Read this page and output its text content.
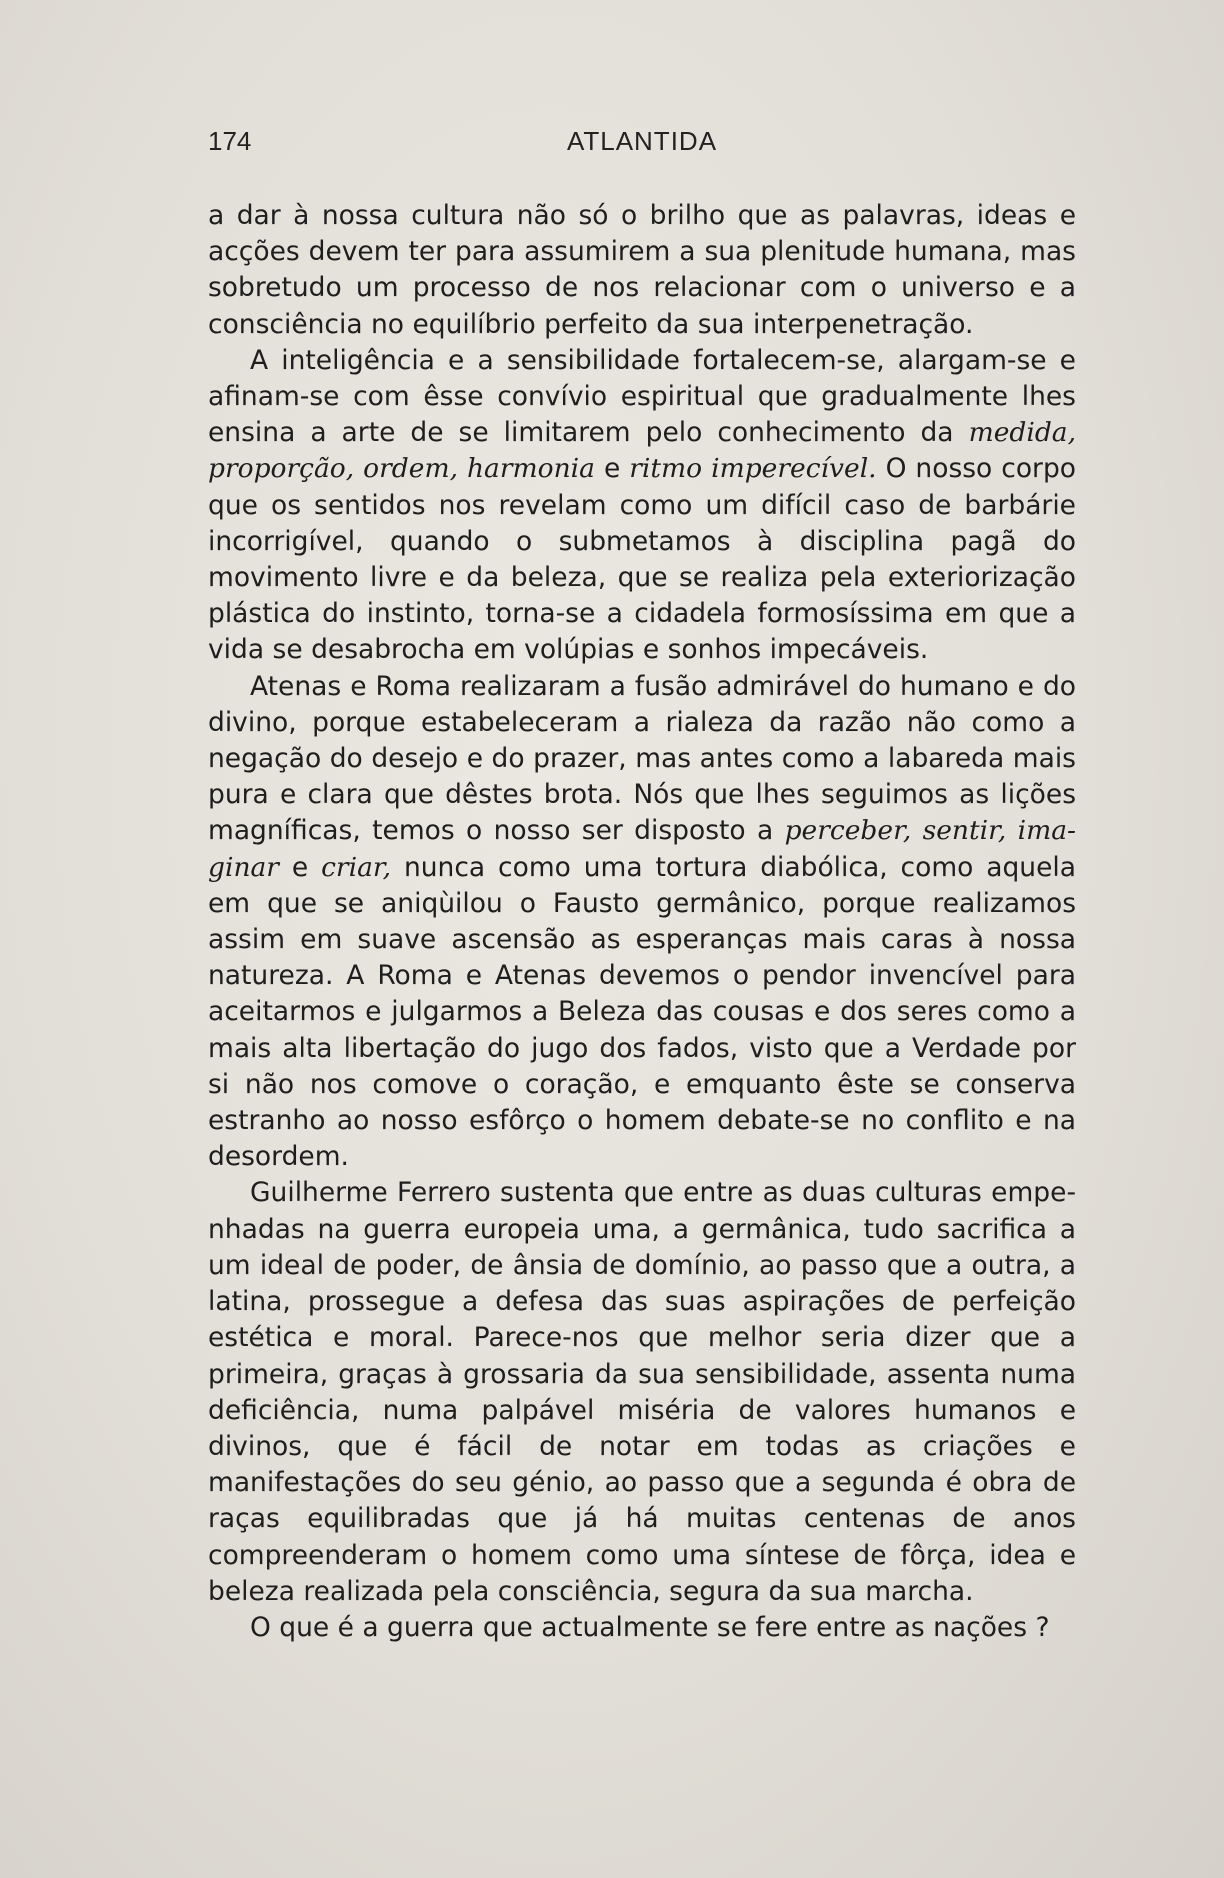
174	ATLANTIDA

a dar à nossa cultura não só o brilho que as palavras, ideas e acções devem ter para assumirem a sua plenitude humana, mas sobretudo um processo de nos relacionar com o universo e a consciência no equilíbrio perfeito da sua interpenetração.

A inteligência e a sensibilidade fortalecem-se, alargam-se e afinam-se com êsse convívio espiritual que gradualmente lhes ensina a arte de se limitarem pelo conhecimento da medida, proporção, ordem, harmonia e ritmo imperecível. O nosso corpo que os sentidos nos revelam como um difícil caso de barbárie incorrigível, quando o submetamos à disciplina pagã do movimento livre e da beleza, que se realiza pela exteriorização plástica do instinto, torna-se a cidadela formosíssima em que a vida se desabrocha em volúpias e sonhos impecáveis.

Atenas e Roma realizaram a fusão admirável do humano e do divino, porque estabeleceram a rialeza da razão não como a negação do desejo e do prazer, mas antes como a labareda mais pura e clara que dêstes brota. Nós que lhes seguimos as lições magníficas, temos o nosso ser disposto a perceber, sentir, imaginar e criar, nunca como uma tortura diabólica, como aquela em que se aniqùilou o Fausto germânico, porque realizamos assim em suave ascensão as esperanças mais caras à nossa natureza. A Roma e Atenas devemos o pendor invencível para aceitarmos e julgarmos a Beleza das cousas e dos seres como a mais alta libertação do jugo dos fados, visto que a Verdade por si não nos comove o coração, e emquanto êste se conserva estranho ao nosso esfôrço o homem debate-se no conflito e na desordem.

Guilherme Ferrero sustenta que entre as duas culturas empenhadas na guerra europeia uma, a germânica, tudo sacrifica a um ideal de poder, de ânsia de domínio, ao passo que a outra, a latina, prossegue a defesa das suas aspirações de perfeição estética e moral. Parece-nos que melhor seria dizer que a primeira, graças à grossaria da sua sensibilidade, assenta numa deficiência, numa palpável miséria de valores humanos e divinos, que é fácil de notar em todas as criações e manifestações do seu génio, ao passo que a segunda é obra de raças equilibradas que já há muitas centenas de anos compreenderam o homem como uma síntese de fôrça, idea e beleza realizada pela consciência, segura da sua marcha.

O que é a guerra que actualmente se fere entre as nações ?
